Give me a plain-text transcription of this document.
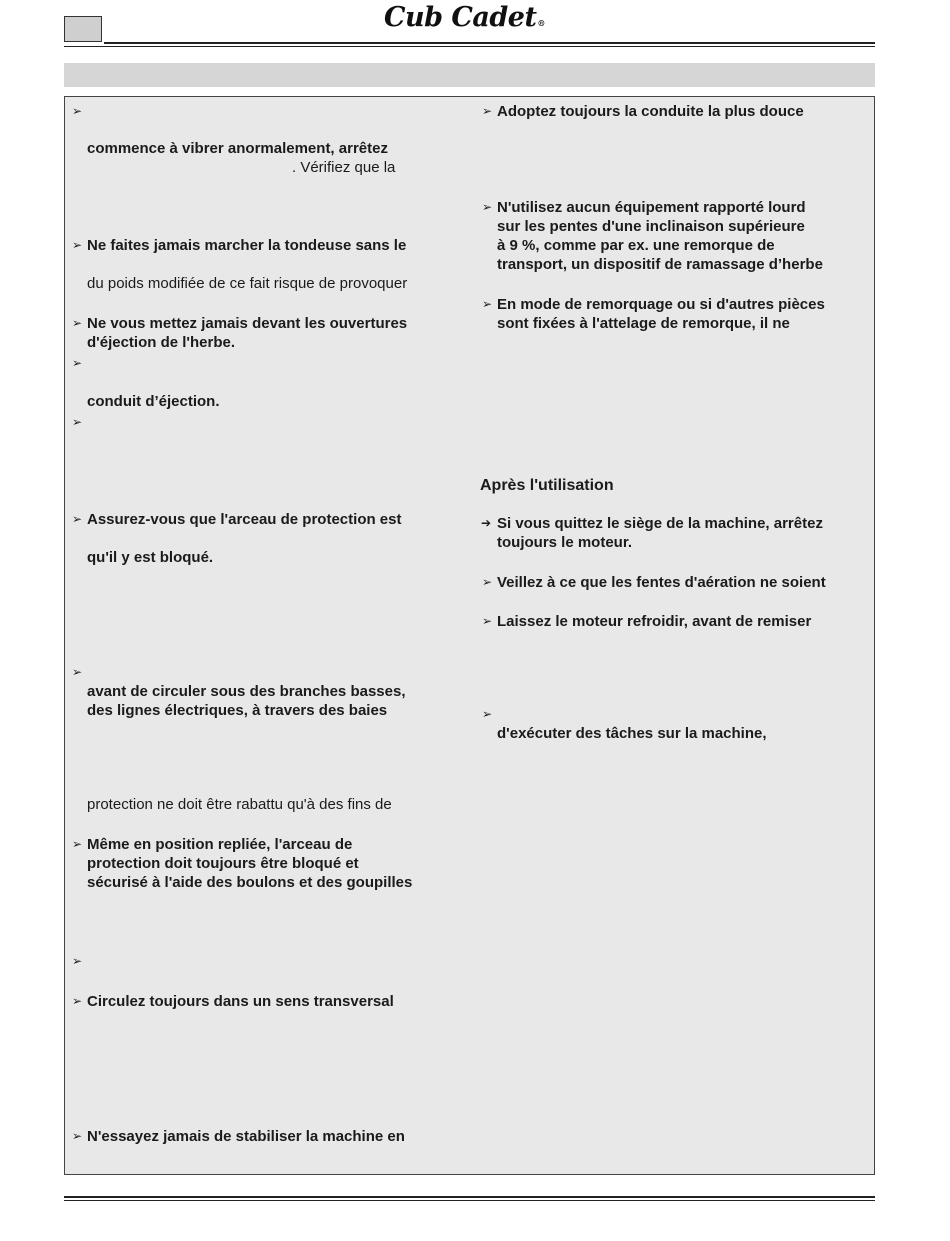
Cub Cadet®
➢
commence à vibrer anormalement, arrêtez
. Vérifiez que la
➢ Ne faites jamais marcher la tondeuse sans le
du poids modifiée de ce fait risque de provoquer
➢ Ne vous mettez jamais devant les ouvertures
d'éjection de l'herbe.
➢
conduit d’éjection.
➢
➢ Assurez-vous que l'arceau de protection est
qu'il y est bloqué.
➢
avant de circuler sous des branches basses,
des lignes électriques, à travers des baies
protection ne doit être rabattu qu'à des fins de
➢ Même en position repliée, l'arceau de
protection doit toujours être bloqué et
sécurisé à l'aide des boulons et des goupilles
➢
➢ Circulez toujours dans un sens transversal
➢ N'essayez jamais de stabiliser la machine en
➢ Adoptez toujours la conduite la plus douce
➢ N'utilisez aucun équipement rapporté lourd
sur les pentes d'une inclinaison supérieure
à 9 %, comme par ex. une remorque de
transport, un dispositif de ramassage d’herbe
➢ En mode de remorquage ou si d'autres pièces
sont fixées à l'attelage de remorque, il ne
Après l'utilisation
➔ Si vous quittez le siège de la machine, arrêtez
toujours le moteur.
➢ Veillez à ce que les fentes d'aération ne soient
➢ Laissez le moteur refroidir, avant de remiser
➢
d'exécuter des tâches sur la machine,
